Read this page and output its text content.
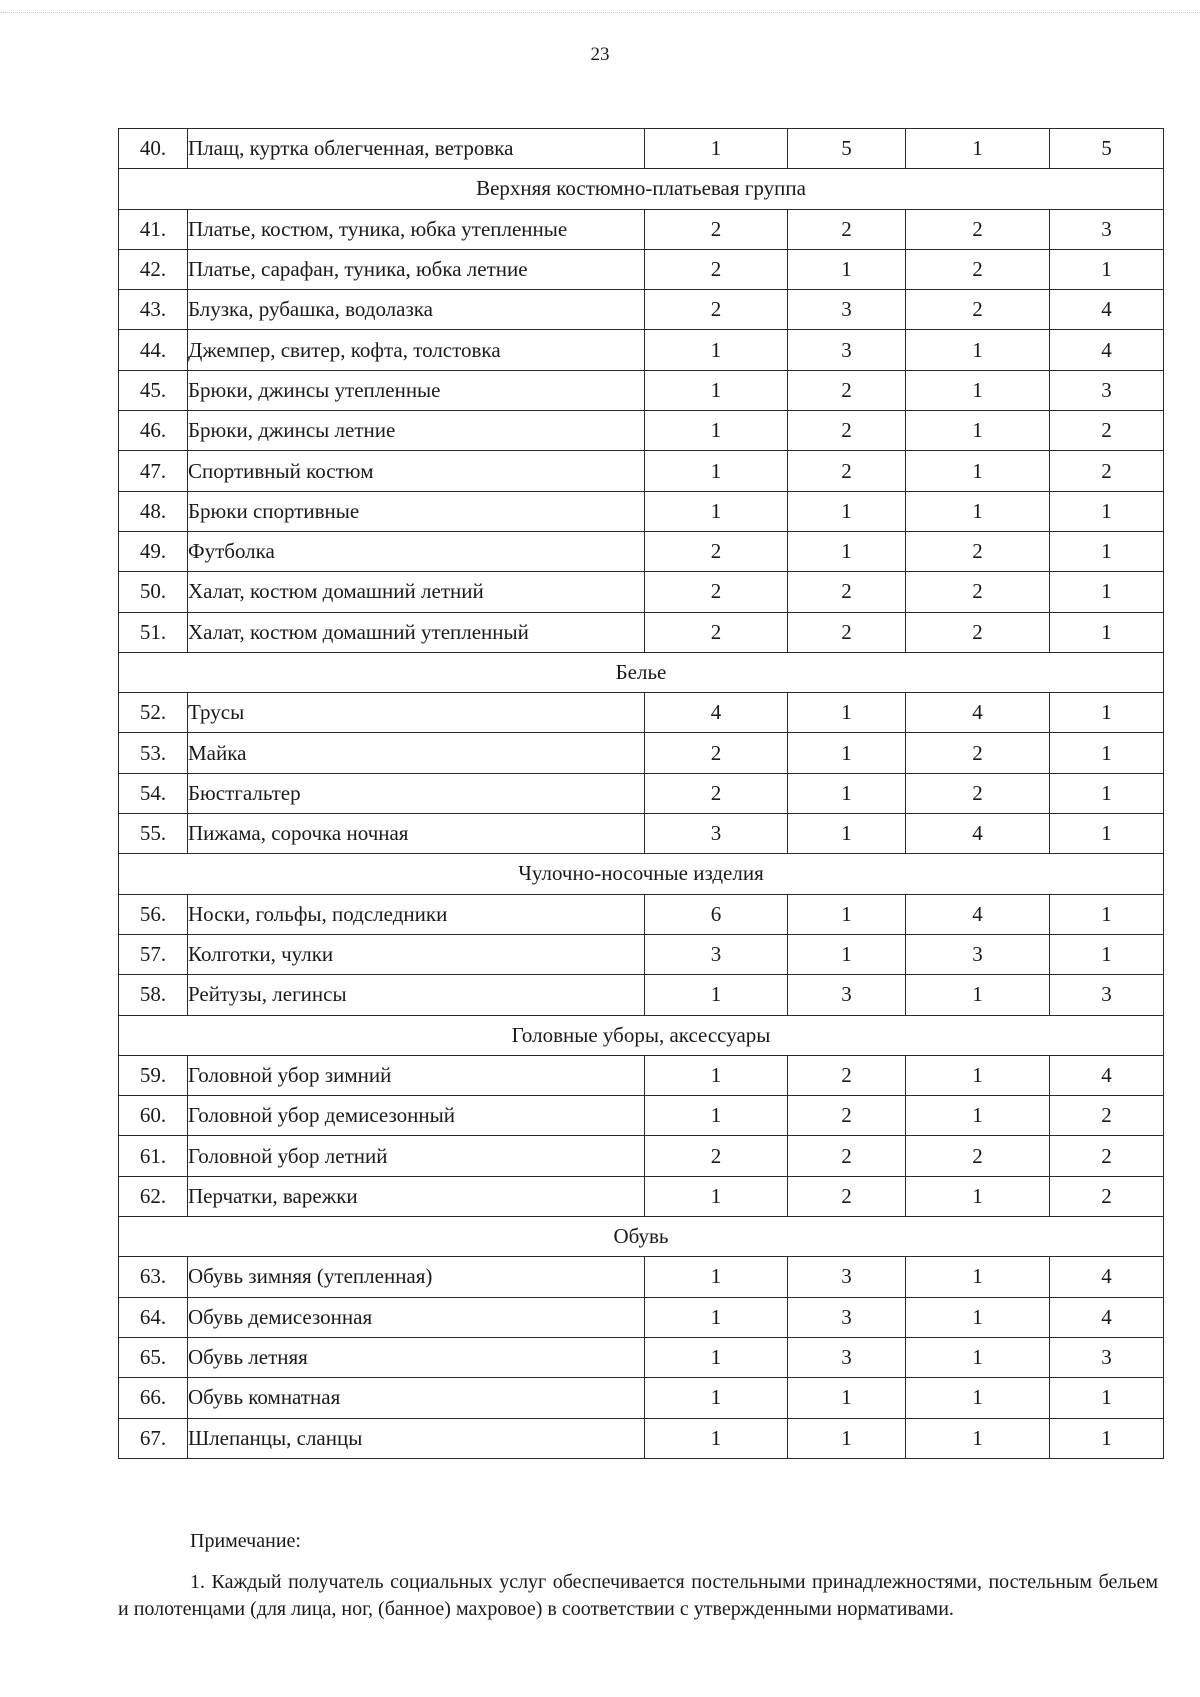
23
40.	Плащ, куртка облегченная, ветровка	1	5	1	5
Верхняя костюмно-платьевая группа					
41.	Платье, костюм, туника, юбка утепленные	2	2	2	3
42.	Платье, сарафан, туника, юбка летние	2	1	2	1
43.	Блузка, рубашка, водолазка	2	3	2	4
44.	Джемпер, свитер, кофта, толстовка	1	3	1	4
45.	Брюки, джинсы утепленные	1	2	1	3
46.	Брюки, джинсы летние	1	2	1	2
47.	Спортивный костюм	1	2	1	2
48.	Брюки спортивные	1	1	1	1
49.	Футболка	2	1	2	1
50.	Халат, костюм домашний летний	2	2	2	1
51.	Халат, костюм домашний утепленный	2	2	2	1
Белье					
52.	Трусы	4	1	4	1
53.	Майка	2	1	2	1
54.	Бюстгальтер	2	1	2	1
55.	Пижама, сорочка ночная	3	1	4	1
Чулочно-носочные изделия					
56.	Носки, гольфы, подследники	6	1	4	1
57.	Колготки, чулки	3	1	3	1
58.	Рейтузы, легинсы	1	3	1	3
Головные уборы, аксессуары					
59.	Головной убор зимний	1	2	1	4
60.	Головной убор демисезонный	1	2	1	2
61.	Головной убор летний	2	2	2	2
62.	Перчатки, варежки	1	2	1	2
Обувь					
63.	Обувь зимняя (утепленная)	1	3	1	4
64.	Обувь демисезонная	1	3	1	4
65.	Обувь летняя	1	3	1	3
66.	Обувь комнатная	1	1	1	1
67.	Шлепанцы, сланцы	1	1	1	1
Примечание:
1. Каждый получатель социальных услуг обеспечивается постельными принадлежностями, постельным бельем и полотенцами (для лица, ног, (банное) махровое) в соответствии с утвержденными нормативами.
